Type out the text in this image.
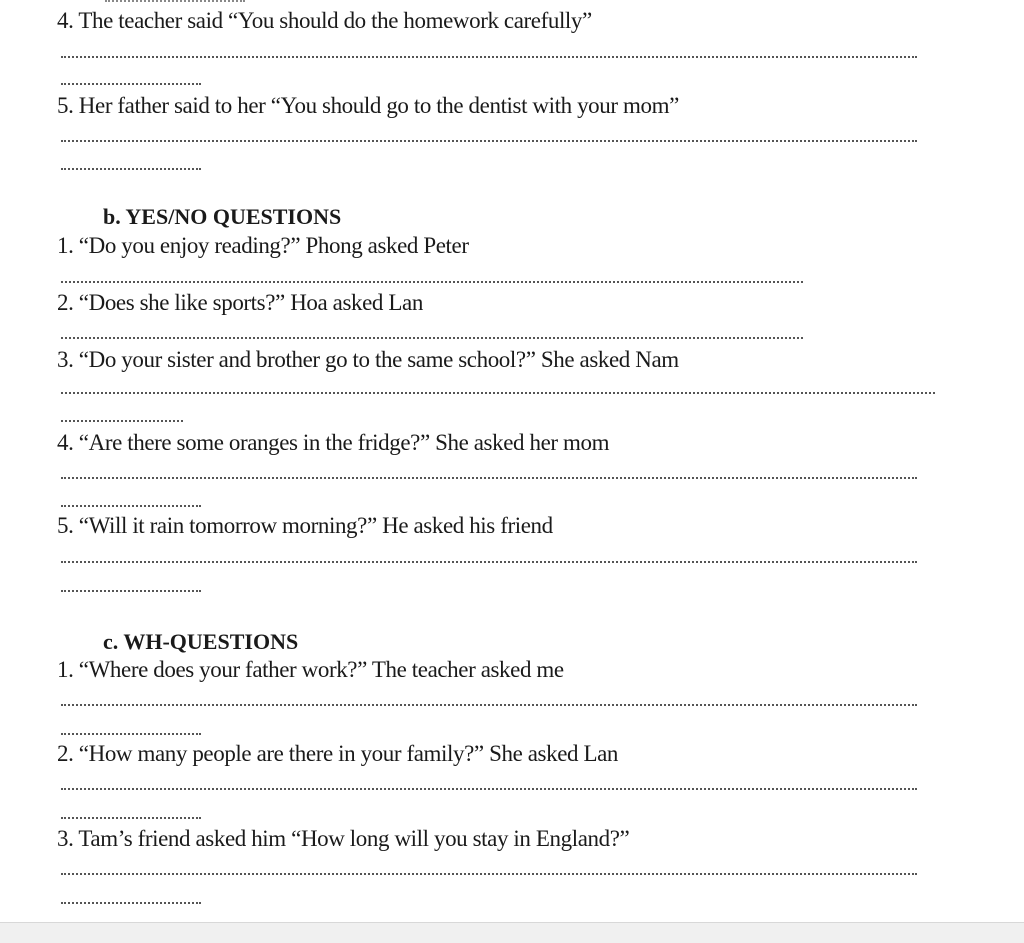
4. The teacher said “You should do the homework carefully”

5. Her father said to her “You should go to the dentist with your mom”

b. YES/NO QUESTIONS

1. “Do you enjoy reading?” Phong asked Peter

2. “Does she like sports?” Hoa asked Lan

3. “Do your sister and brother go to the same school?” She asked Nam

4. “Are there some oranges in the fridge?” She asked her mom

5. “Will it rain tomorrow morning?” He asked his friend

c. WH-QUESTIONS

1. “Where does your father work?” The teacher asked me

2. “How many people are there in your family?” She asked Lan

3. Tam’s friend asked him “How long will you stay in England?”
